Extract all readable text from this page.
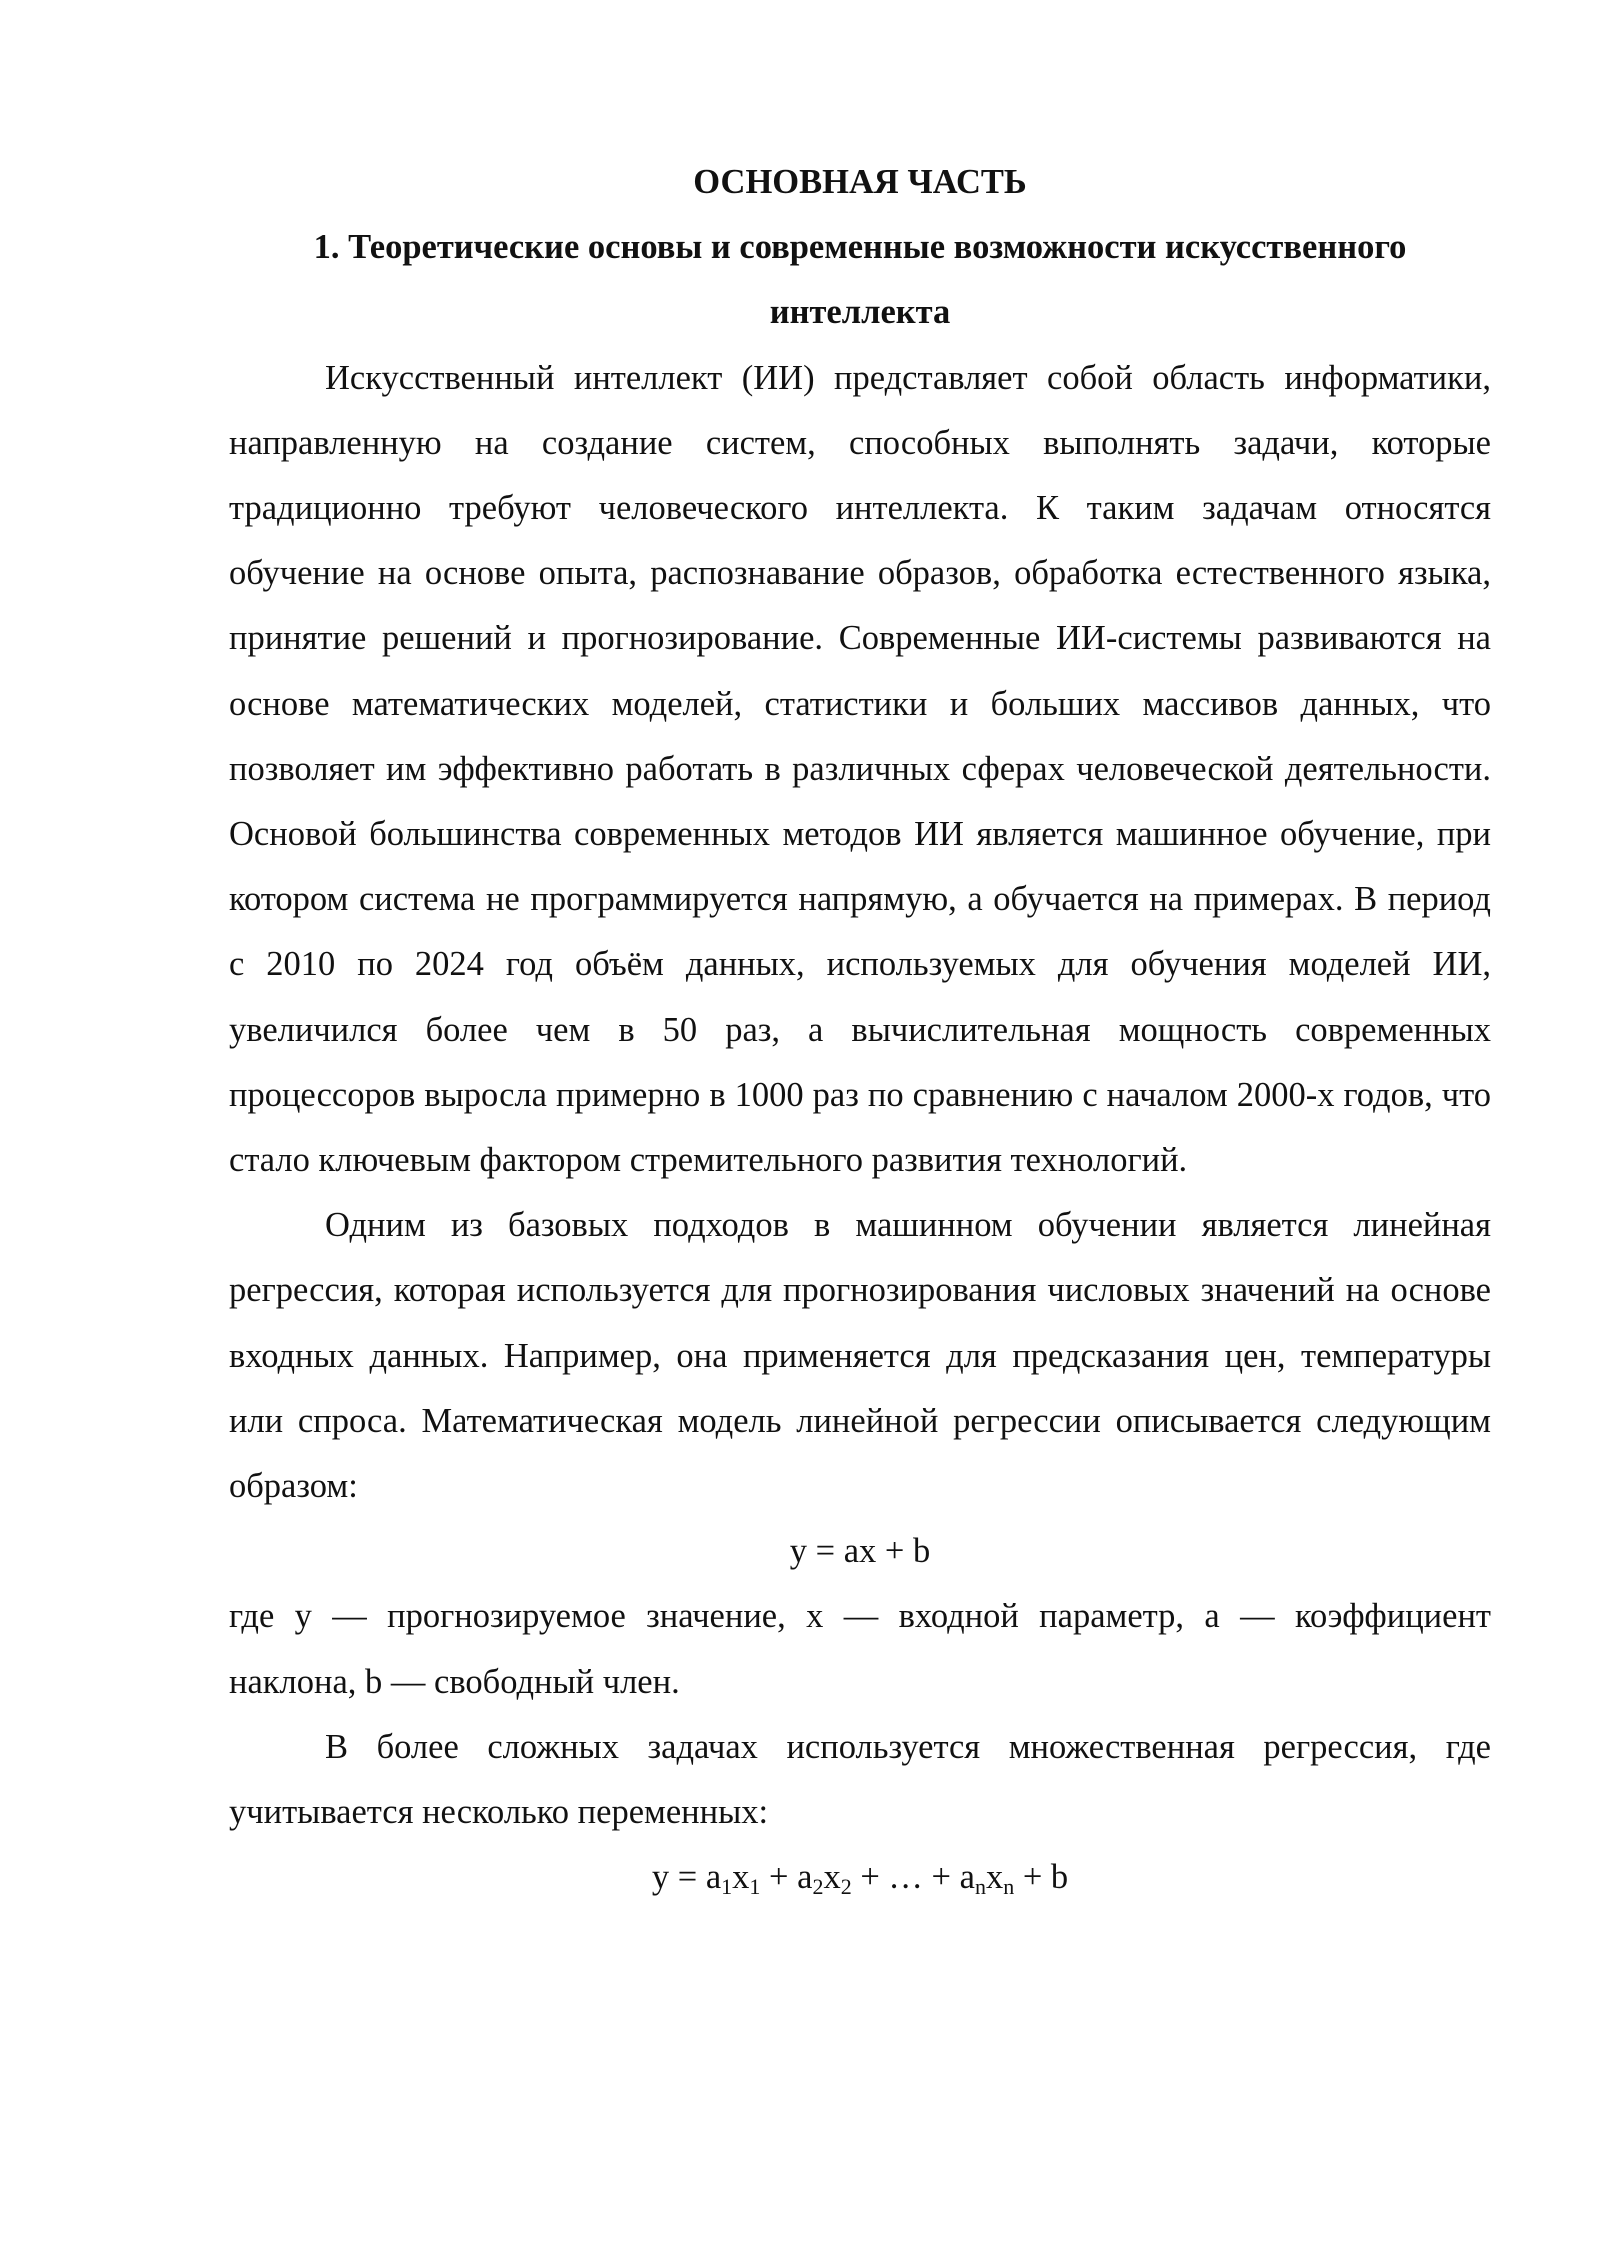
ОСНОВНАЯ ЧАСТЬ
1. Теоретические основы и современные возможности искусственного интеллекта

Искусственный интеллект (ИИ) представляет собой область информатики, направленную на создание систем, способных выполнять задачи, которые традиционно требуют человеческого интеллекта. К таким задачам относятся обучение на основе опыта, распознавание образов, обработка естественного языка, принятие решений и прогнозирование. Современные ИИ-системы развиваются на основе математических моделей, статистики и больших массивов данных, что позволяет им эффективно работать в различных сферах человеческой деятельности. Основой большинства современных методов ИИ является машинное обучение, при котором система не программируется напрямую, а обучается на примерах. В период с 2010 по 2024 год объём данных, используемых для обучения моделей ИИ, увеличился более чем в 50 раз, а вычислительная мощность современных процессоров выросла примерно в 1000 раз по сравнению с началом 2000-х годов, что стало ключевым фактором стремительного развития технологий.

Одним из базовых подходов в машинном обучении является линейная регрессия, которая используется для прогнозирования числовых значений на основе входных данных. Например, она применяется для предсказания цен, температуры или спроса. Математическая модель линейной регрессии описывается следующим образом:

y = ax + b

где y — прогнозируемое значение, x — входной параметр, a — коэффициент наклона, b — свободный член.

В более сложных задачах используется множественная регрессия, где учитывается несколько переменных:

$y = a_1x_1 + a_2x_2$ + … + $a_nx_n + b$
